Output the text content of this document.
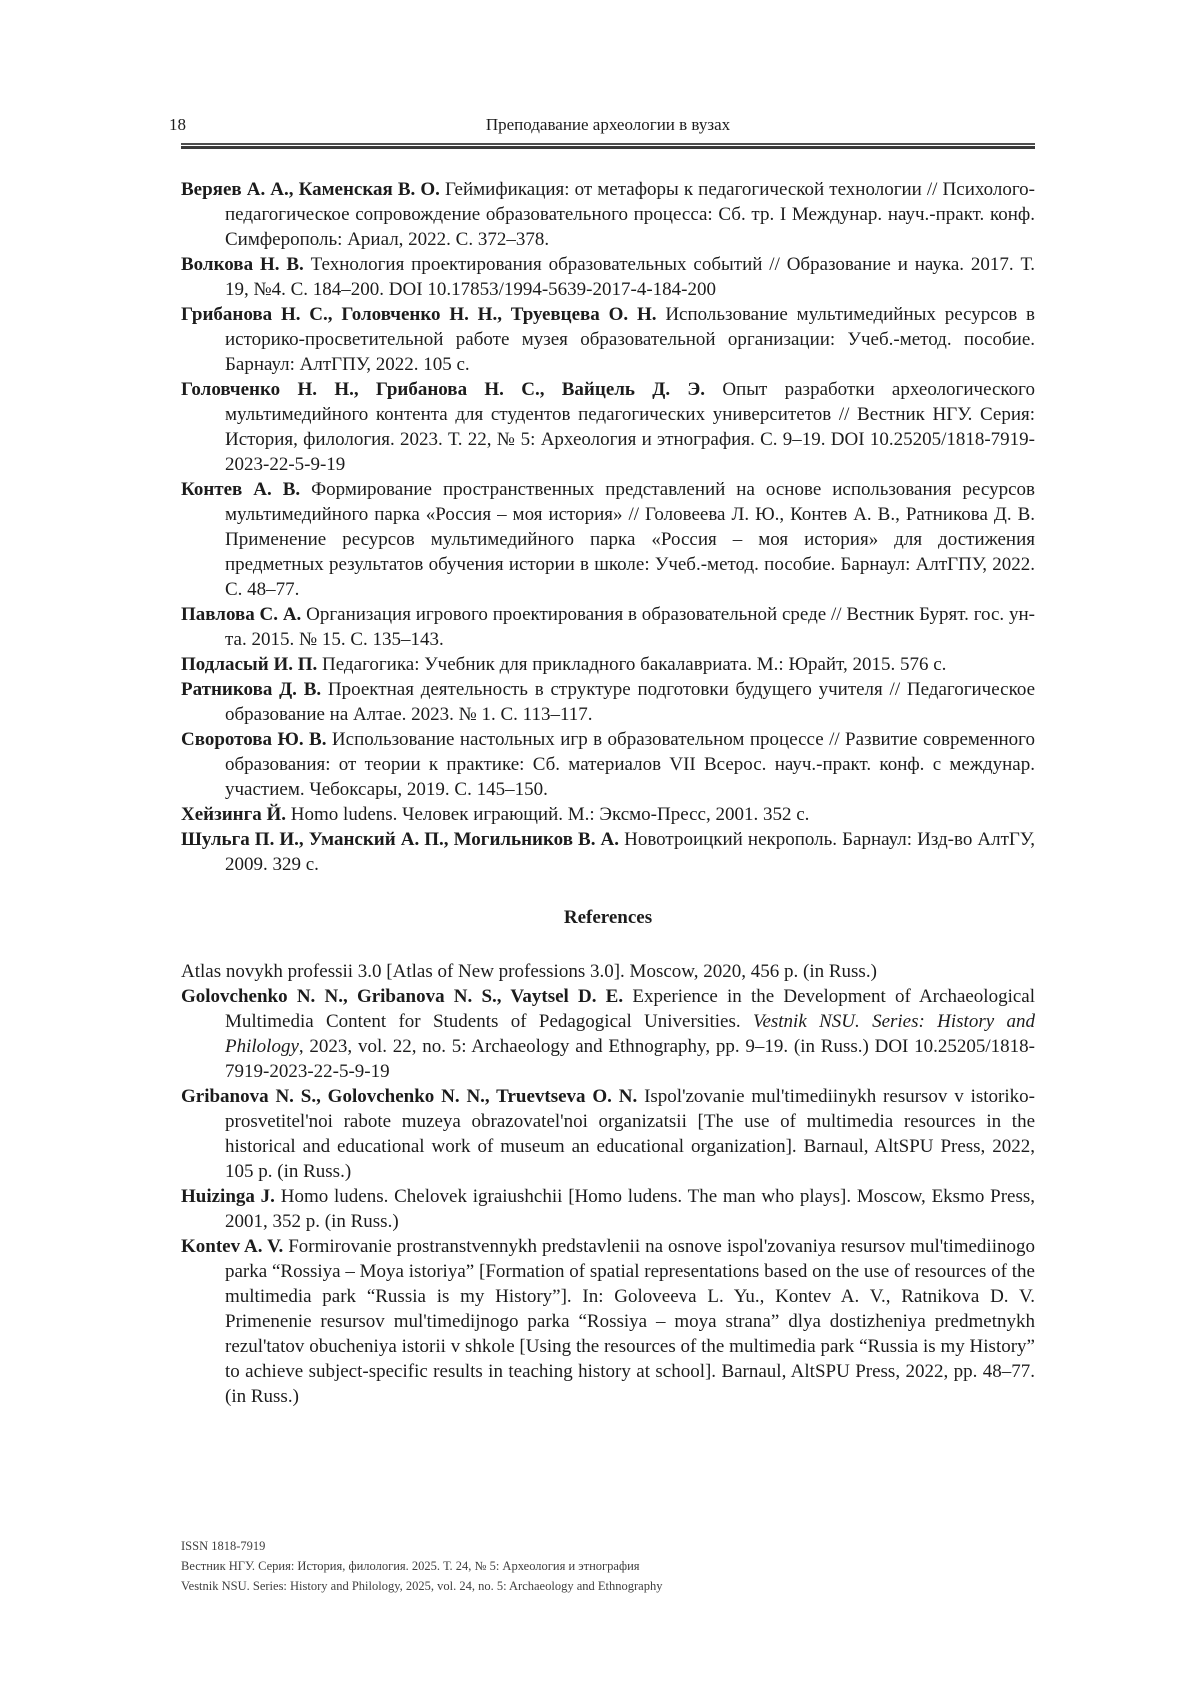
18	Преподавание археологии в вузах

Веряев А. А., Каменская В. О. Геймификация: от метафоры к педагогической технологии // Психолого-педагогическое сопровождение образовательного процесса: Сб. тр. I Междунар. науч.-практ. конф. Симферополь: Ариал, 2022. С. 372–378.

Волкова Н. В. Технология проектирования образовательных событий // Образование и наука. 2017. Т. 19, №4. С. 184–200. DOI 10.17853/1994-5639-2017-4-184-200

Грибанова Н. С., Головченко Н. Н., Труевцева О. Н. Использование мультимедийных ресурсов в историко-просветительной работе музея образовательной организации: Учеб.-метод. пособие. Барнаул: АлтГПУ, 2022. 105 с.

Головченко Н. Н., Грибанова Н. С., Вайцель Д. Э. Опыт разработки археологического мультимедийного контента для студентов педагогических университетов // Вестник НГУ. Серия: История, филология. 2023. Т. 22, № 5: Археология и этнография. С. 9–19. DOI 10.25205/1818-7919-2023-22-5-9-19

Контев А. В. Формирование пространственных представлений на основе использования ресурсов мультимедийного парка «Россия – моя история» // Головеева Л. Ю., Контев А. В., Ратникова Д. В. Применение ресурсов мультимедийного парка «Россия – моя история» для достижения предметных результатов обучения истории в школе: Учеб.-метод. пособие. Барнаул: АлтГПУ, 2022. С. 48–77.

Павлова С. А. Организация игрового проектирования в образовательной среде // Вестник Бурят. гос. ун-та. 2015. № 15. С. 135–143.

Подласый И. П. Педагогика: Учебник для прикладного бакалавриата. М.: Юрайт, 2015. 576 с.

Ратникова Д. В. Проектная деятельность в структуре подготовки будущего учителя // Педагогическое образование на Алтае. 2023. № 1. С. 113–117.

Своротова Ю. В. Использование настольных игр в образовательном процессе // Развитие современного образования: от теории к практике: Сб. материалов VII Всерос. науч.-практ. конф. с междунар. участием. Чебоксары, 2019. С. 145–150.

Хейзинга Й. Homo ludens. Человек играющий. М.: Эксмо-Пресс, 2001. 352 с.

Шульга П. И., Уманский А. П., Могильников В. А. Новотроицкий некрополь. Барнаул: Изд-во АлтГУ, 2009. 329 с.

References

Atlas novykh professii 3.0 [Atlas of New professions 3.0]. Moscow, 2020, 456 p. (in Russ.)

Golovchenko N. N., Gribanova N. S., Vaytsel D. E. Experience in the Development of Archaeological Multimedia Content for Students of Pedagogical Universities. Vestnik NSU. Series: History and Philology, 2023, vol. 22, no. 5: Archaeology and Ethnography, pp. 9–19. (in Russ.) DOI 10.25205/1818-7919-2023-22-5-9-19

Gribanova N. S., Golovchenko N. N., Truevtseva O. N. Ispol'zovanie mul'timediinykh resursov v istoriko-prosvetitel'noi rabote muzeya obrazovatel'noi organizatsii [The use of multimedia resources in the historical and educational work of museum an educational organization]. Barnaul, AltSPU Press, 2022, 105 p. (in Russ.)

Huizinga J. Homo ludens. Chelovek igraiushchii [Homo ludens. The man who plays]. Moscow, Eksmo Press, 2001, 352 p. (in Russ.)

Kontev A. V. Formirovanie prostranstvennykh predstavlenii na osnove ispol'zovaniya resursov mul'timediinogo parka “Rossiya – Moya istoriya” [Formation of spatial representations based on the use of resources of the multimedia park “Russia is my History”]. In: Goloveeva L. Yu., Kontev A. V., Ratnikova D. V. Primenenie resursov mul'timedijnogo parka “Rossiya – moya strana” dlya dostizheniya predmetnykh rezul'tatov obucheniya istorii v shkole [Using the resources of the multimedia park “Russia is my History” to achieve subject-specific results in teaching history at school]. Barnaul, AltSPU Press, 2022, pp. 48–77. (in Russ.)

ISSN 1818-7919
Вестник НГУ. Серия: История, филология. 2025. Т. 24, № 5: Археология и этнография
Vestnik NSU. Series: History and Philology, 2025, vol. 24, no. 5: Archaeology and Ethnography
